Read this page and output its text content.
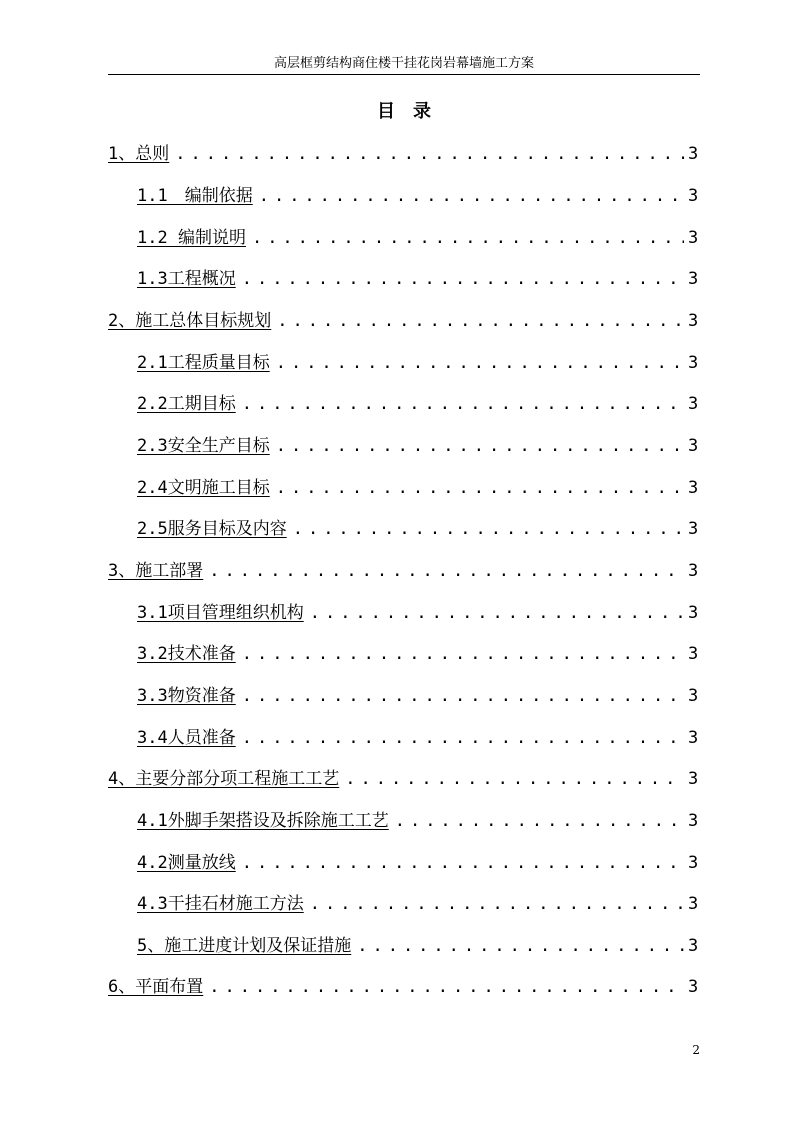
高层框剪结构商住楼干挂花岗岩幕墙施工方案
目　录
1、总则 .....	3
1.1　编制依据 .....	3
1.2 编制说明 .....	3
1.3工程概况 .....	3
2、施工总体目标规划 .....	3
2.1工程质量目标 .....	3
2.2工期目标 .....	3
2.3安全生产目标 .....	3
2.4文明施工目标 .....	3
2.5服务目标及内容 .....	3
3、施工部署 .....	3
3.1项目管理组织机构 .....	3
3.2技术准备 .....	3
3.3物资准备 .....	3
3.4人员准备 .....	3
4、主要分部分项工程施工工艺 .....	3
4.1外脚手架搭设及拆除施工工艺 .....	3
4.2测量放线 .....	3
4.3干挂石材施工方法 .....	3
5、施工进度计划及保证措施 .....	3
6、平面布置 .....	3
2
